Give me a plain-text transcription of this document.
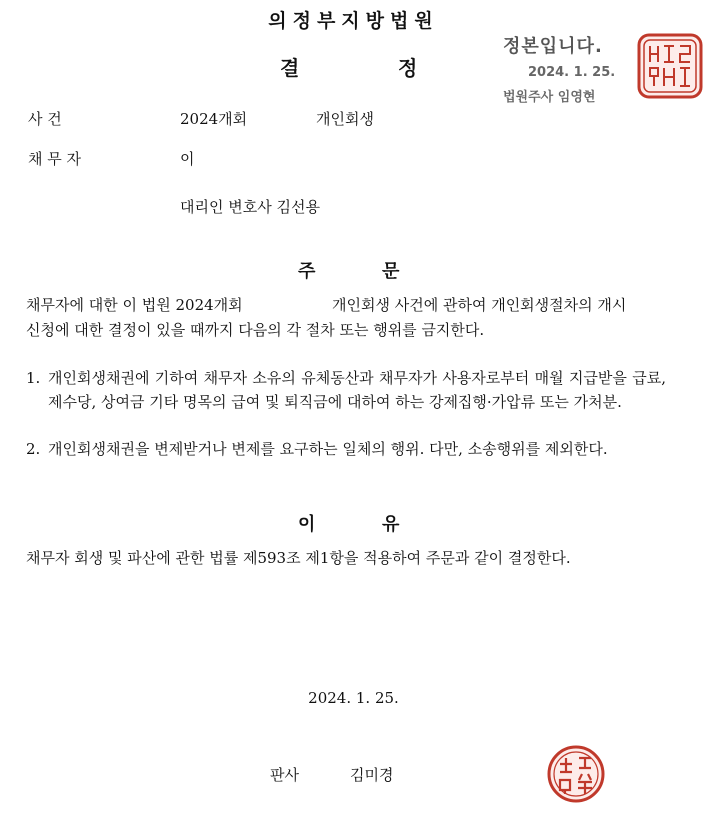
의정부지방법원
결	정
정본입니다.
2024. 1. 25.
법원주사 임영현
사 건	2024개회	개인회생
채 무 자	이
대리인 변호사 김선용
주	문
채무자에 대한 이 법원 2024개회	개인회생 사건에 관하여 개인회생절차의 개시
신청에 대한 결정이 있을 때까지 다음의 각 절차 또는 행위를 금지한다.
1. 개인회생채권에 기하여 채무자 소유의 유체동산과 채무자가 사용자로부터 매월 지급받을 급료, 제수당, 상여금 기타 명목의 급여 및 퇴직금에 대하여 하는 강제집행·가압류 또는 가처분.
2. 개인회생채권을 변제받거나 변제를 요구하는 일체의 행위. 다만, 소송행위를 제외한다.
이	유
채무자 회생 및 파산에 관한 법률 제593조 제1항을 적용하여 주문과 같이 결정한다.
2024. 1. 25.
판사	김미경
